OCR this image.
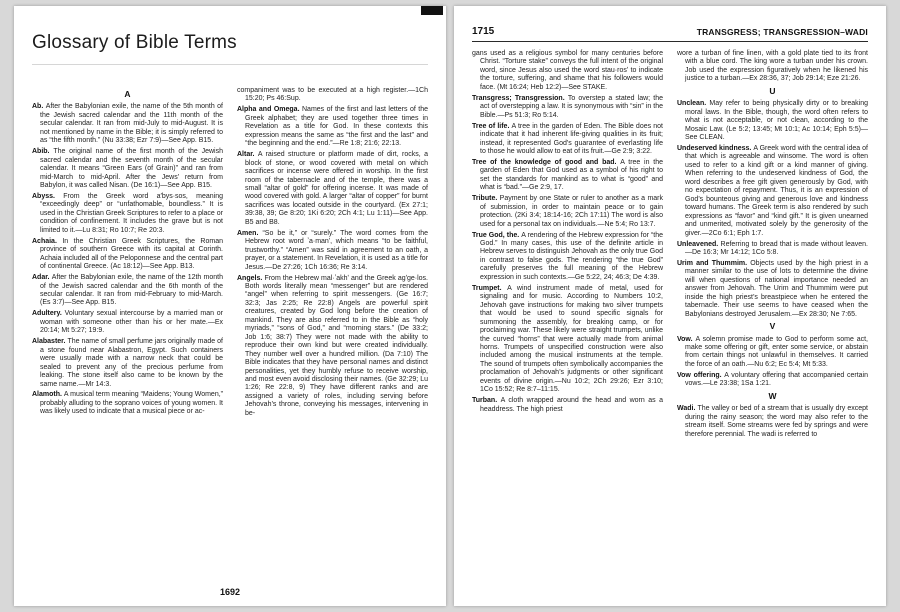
Glossary of Bible Terms
A

Ab. After the Babylonian exile, the name of the 5th month of the Jewish sacred calendar and the 11th month of the secular calendar. It ran from mid-July to mid-August. It is not mentioned by name in the Bible; it is simply referred to as “the fifth month.” (Nu 33:38; Ezr 7:9)—See App. B15.

Abib. The original name of the first month of the Jewish sacred calendar and the seventh month of the secular calendar. It means “Green Ears (of Grain)” and ran from mid-March to mid-April. After the Jews’ return from Babylon, it was called Nisan. (De 16:1)—See App. B15.

Abyss. From the Greek word a′bys·sos, meaning “exceedingly deep” or “unfathomable, boundless.” It is used in the Christian Greek Scriptures to refer to a place or condition of confinement. It includes the grave but is not limited to it.—Lu 8:31; Ro 10:7; Re 20:3.

Achaia. In the Christian Greek Scriptures, the Roman province of southern Greece with its capital at Corinth. Achaia included all of the Peloponnese and the central part of continental Greece. (Ac 18:12)—See App. B13.

Adar. After the Babylonian exile, the name of the 12th month of the Jewish sacred calendar and the 6th month of the secular calendar. It ran from mid-February to mid-March. (Es 3:7)—See App. B15.

Adultery. Voluntary sexual intercourse by a married man or woman with someone other than his or her mate.—Ex 20:14; Mt 5:27; 19:9.

Alabaster. The name of small perfume jars originally made of a stone found near Alabastron, Egypt. Such containers were usually made with a narrow neck that could be sealed to prevent any of the precious perfume from leaking. The stone itself also came to be known by the same name.—Mr 14:3.

Alamoth. A musical term meaning “Maidens; Young Women,” probably alluding to the soprano voices of young women. It was likely used to indicate that a musical piece or ac-

companiment was to be executed at a high register.—1Ch 15:20; Ps 46:Sup.

Alpha and Omega. Names of the first and last letters of the Greek alphabet; they are used together three times in Revelation as a title for God. In these contexts this expression means the same as “the first and the last” and “the beginning and the end.”—Re 1:8; 21:6; 22:13.

Altar. A raised structure or platform made of dirt, rocks, a block of stone, or wood covered with metal on which sacrifices or incense were offered in worship. In the first room of the tabernacle and of the temple, there was a small “altar of gold” for offering incense. It was made of wood covered with gold. A larger “altar of copper” for burnt sacrifices was located outside in the courtyard. (Ex 27:1; 39:38, 39; Ge 8:20; 1Ki 6:20; 2Ch 4:1; Lu 1:11)—See App. B5 and B8.

Amen. “So be it,” or “surely.” The word comes from the Hebrew root word ʼa·manʹ, which means “to be faithful, trustworthy.” “Amen” was said in agreement to an oath, a prayer, or a statement. In Revelation, it is used as a title for Jesus.—De 27:26; 1Ch 16:36; Re 3:14.

Angels. From the Hebrew mal·ʼakhʹ and the Greek agʹge·los. Both words literally mean “messenger” but are rendered “angel” when referring to spirit messengers. (Ge 16:7; 32:3; Jas 2:25; Re 22:8) Angels are powerful spirit creatures, created by God long before the creation of mankind. They are also referred to in the Bible as “holy myriads,” “sons of God,” and “morning stars.” (De 33:2; Job 1:6; 38:7) They were not made with the ability to reproduce their own kind but were created individually. They number well over a hundred million. (Da 7:10) The Bible indicates that they have personal names and distinct personalities, yet they humbly refuse to receive worship, and most even avoid disclosing their names. (Ge 32:29; Lu 1:26; Re 22:8, 9) They have different ranks and are assigned a variety of roles, including serving before Jehovah’s throne, conveying his messages, intervening in be-

1692
1715	TRANSGRESS; TRANSGRESSION–WADI

gans used as a religious symbol for many centuries before Christ. “Torture stake” conveys the full intent of the original word, since Jesus also used the word stau·rosʹ to indicate the torture, suffering, and shame that his followers would face. (Mt 16:24; Heb 12:2)—See STAKE.

Transgress; Transgression. To overstep a stated law; the act of overstepping a law. It is synonymous with “sin” in the Bible.—Ps 51:3; Ro 5:14.

Tree of life. A tree in the garden of Eden. The Bible does not indicate that it had inherent life-giving qualities in its fruit; instead, it represented God’s guarantee of everlasting life to those he would allow to eat of its fruit.—Ge 2:9; 3:22.

Tree of the knowledge of good and bad. A tree in the garden of Eden that God used as a symbol of his right to set the standards for mankind as to what is “good” and what is “bad.”—Ge 2:9, 17.

Tribute. Payment by one State or ruler to another as a mark of submission, in order to maintain peace or to gain protection. (2Ki 3:4; 18:14-16; 2Ch 17:11) The word is also used for a personal tax on individuals.—Ne 5:4; Ro 13:7.

True God, the. A rendering of the Hebrew expression for “the God.” In many cases, this use of the definite article in Hebrew serves to distinguish Jehovah as the only true God in contrast to false gods. The rendering “the true God” carefully preserves the full meaning of the Hebrew expression in such contexts.—Ge 5:22, 24; 46:3; De 4:39.

Trumpet. A wind instrument made of metal, used for signaling and for music. According to Numbers 10:2, Jehovah gave instructions for making two silver trumpets that would be used to sound specific signals for summoning the assembly, for breaking camp, or for proclaiming war. These likely were straight trumpets, unlike the curved “horns” that were actually made from animal horns. Trumpets of unspecified construction were also included among the musical instruments at the temple. The sound of trumpets often symbolically accompanies the proclamation of Jehovah’s judgments or other significant events of divine origin.—Nu 10:2; 2Ch 29:26; Ezr 3:10; 1Co 15:52; Re 8:7–11:15.

Turban. A cloth wrapped around the head and worn as a headdress. The high priest

wore a turban of fine linen, with a gold plate tied to its front with a blue cord. The king wore a turban under his crown. Job used the expression figuratively when he likened his justice to a turban.—Ex 28:36, 37; Job 29:14; Eze 21:26.

U

Unclean. May refer to being physically dirty or to breaking moral laws. In the Bible, though, the word often refers to what is not acceptable, or not clean, according to the Mosaic Law. (Le 5:2; 13:45; Mt 10:1; Ac 10:14; Eph 5:5)—See CLEAN.

Undeserved kindness. A Greek word with the central idea of that which is agreeable and winsome. The word is often used to refer to a kind gift or a kind manner of giving. When referring to the undeserved kindness of God, the word describes a free gift given generously by God, with no expectation of repayment. Thus, it is an expression of God’s bounteous giving and generous love and kindness toward humans. The Greek term is also rendered by such expressions as “favor” and “kind gift.” It is given unearned and unmerited, motivated solely by the generosity of the giver.—2Co 6:1; Eph 1:7.

Unleavened. Referring to bread that is made without leaven.—De 16:3; Mr 14:12; 1Co 5:8.

Urim and Thummim. Objects used by the high priest in a manner similar to the use of lots to determine the divine will when questions of national importance needed an answer from Jehovah. The Urim and Thummim were put inside the high priest’s breastpiece when he entered the tabernacle. Their use seems to have ceased when the Babylonians destroyed Jerusalem.—Ex 28:30; Ne 7:65.

V

Vow. A solemn promise made to God to perform some act, make some offering or gift, enter some service, or abstain from certain things not unlawful in themselves. It carried the force of an oath.—Nu 6:2; Ec 5:4; Mt 5:33.

Vow offering. A voluntary offering that accompanied certain vows.—Le 23:38; 1Sa 1:21.

W

Wadi. The valley or bed of a stream that is usually dry except during the rainy season; the word may also refer to the stream itself. Some streams were fed by springs and were therefore perennial. The wadi is referred to
